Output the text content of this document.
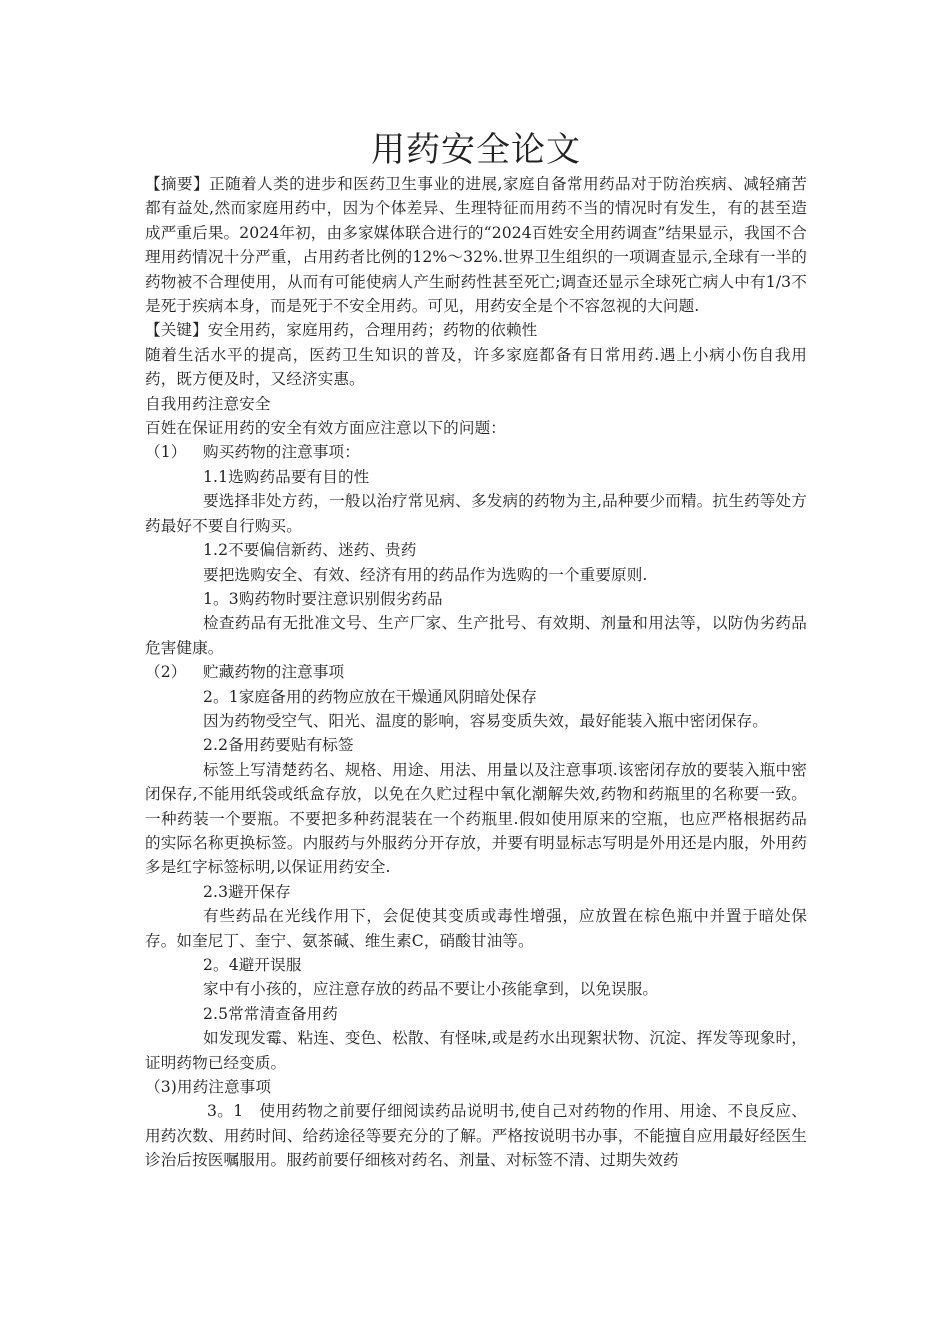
用药安全论文

【摘要】正随着人类的进步和医药卫生事业的进展,家庭自备常用药品对于防治疾病、减轻痛苦都有益处,然而家庭用药中，因为个体差异、生理特征而用药不当的情况时有发生，有的甚至造成严重后果。2024年初，由多家媒体联合进行的“2024百姓安全用药调查”结果显示，我国不合理用药情况十分严重，占用药者比例的12%～32%.世界卫生组织的一项调查显示,全球有一半的药物被不合理使用，从而有可能使病人产生耐药性甚至死亡;调查还显示全球死亡病人中有1/3不是死于疾病本身，而是死于不安全用药。可见，用药安全是个不容忽视的大问题.

【关键】安全用药，家庭用药，合理用药；药物的依赖性

随着生活水平的提高，医药卫生知识的普及，许多家庭都备有日常用药.遇上小病小伤自我用药，既方便及时，又经济实惠。

自我用药注意安全

百姓在保证用药的安全有效方面应注意以下的问题：

（1） 购买药物的注意事项：

1.1选购药品要有目的性

要选择非处方药，一般以治疗常见病、多发病的药物为主,品种要少而精。抗生药等处方药最好不要自行购买。

1.2不要偏信新药、迷药、贵药

要把选购安全、有效、经济有用的药品作为选购的一个重要原则.

1。3购药物时要注意识别假劣药品

检查药品有无批准文号、生产厂家、生产批号、有效期、剂量和用法等，以防伪劣药品危害健康。

（2） 贮藏药物的注意事项

2。1家庭备用的药物应放在干燥通风阴暗处保存

因为药物受空气、阳光、温度的影响，容易变质失效，最好能装入瓶中密闭保存。

2.2备用药要贴有标签

标签上写清楚药名、规格、用途、用法、用量以及注意事项.该密闭存放的要装入瓶中密闭保存,不能用纸袋或纸盒存放，以免在久贮过程中氧化潮解失效,药物和药瓶里的名称要一致。一种药装一个要瓶。不要把多种药混装在一个药瓶里.假如使用原来的空瓶，也应严格根据药品的实际名称更换标签。内服药与外服药分开存放，并要有明显标志写明是外用还是内服，外用药多是红字标签标明,以保证用药安全.

2.3避开保存

有些药品在光线作用下，会促使其变质或毒性增强，应放置在棕色瓶中并置于暗处保存。如奎尼丁、奎宁、氨茶碱、维生素C，硝酸甘油等。

2。4避开误服

家中有小孩的，应注意存放的药品不要让小孩能拿到，以免误服。

2.5常常清查备用药

如发现发霉、粘连、变色、松散、有怪味,或是药水出现絮状物、沉淀、挥发等现象时，证明药物已经变质。

（3)用药注意事项

3。1　使用药物之前要仔细阅读药品说明书,使自己对药物的作用、用途、不良反应、用药次数、用药时间、给药途径等要充分的了解。严格按说明书办事，不能擅自应用最好经医生诊治后按医嘱服用。服药前要仔细核对药名、剂量、对标签不清、过期失效药
